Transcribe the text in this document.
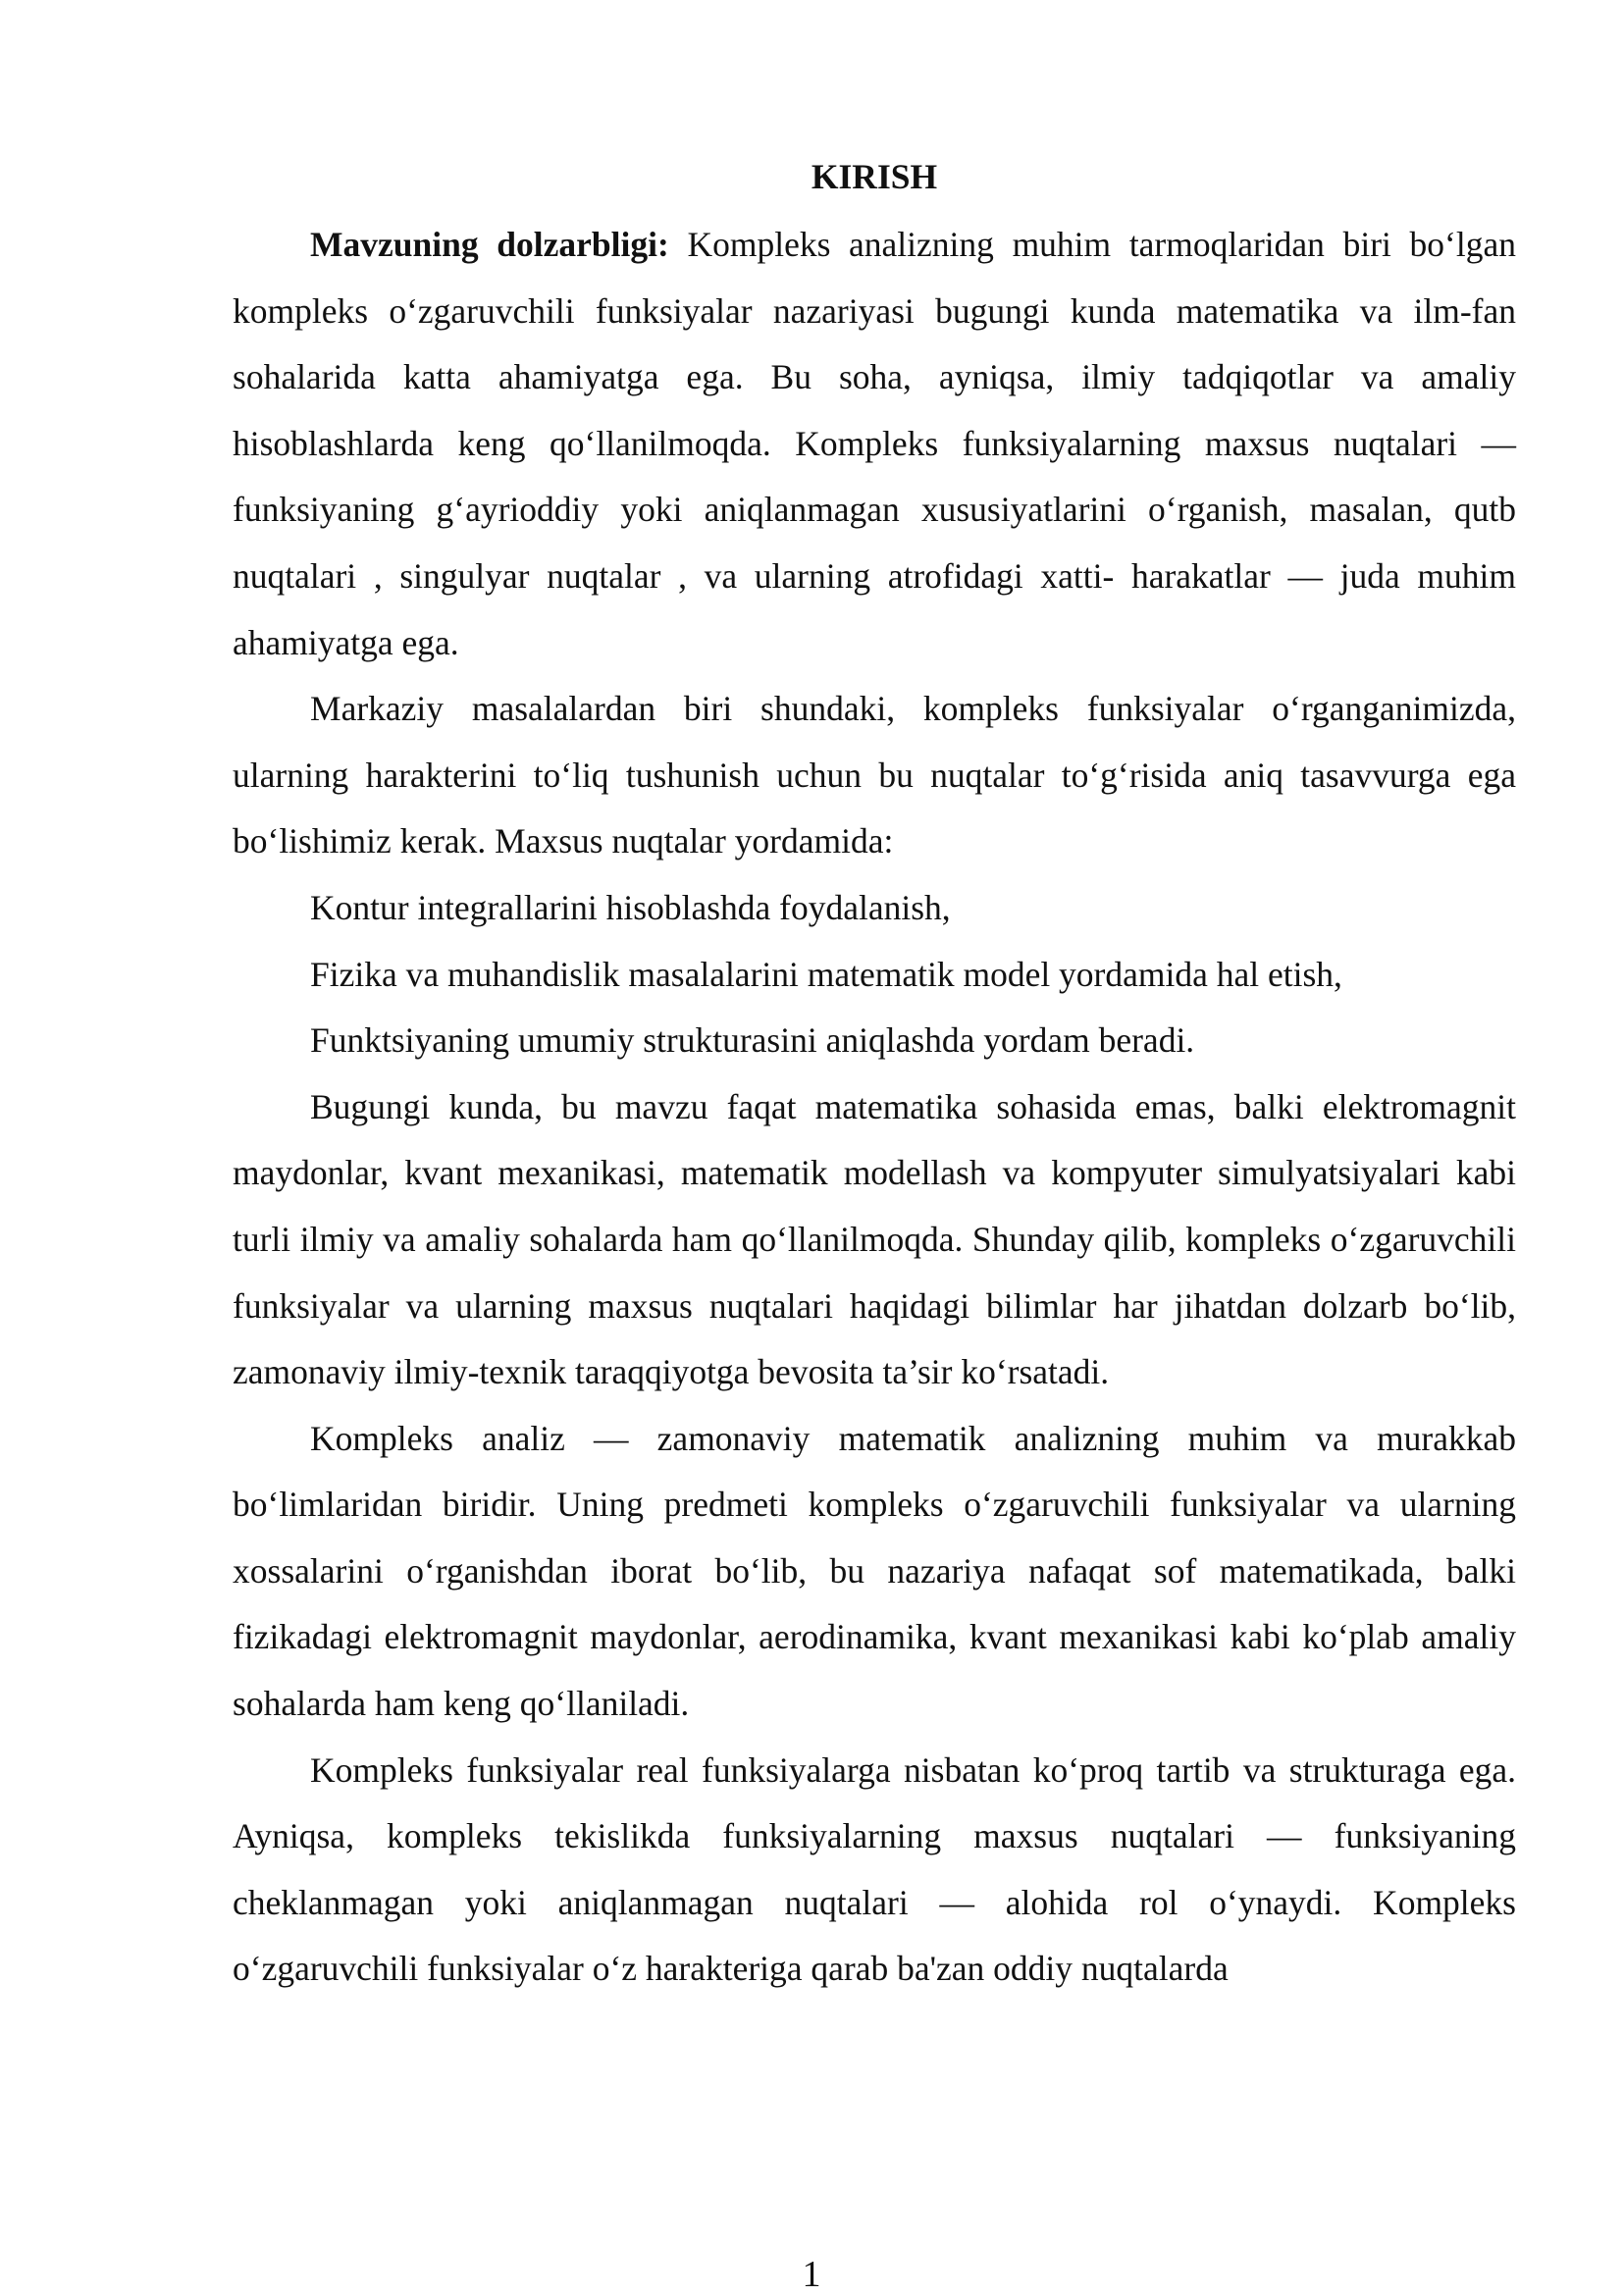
KIRISH

Mavzuning dolzarbligi: Kompleks analizning muhim tarmoqlaridan biri bo‘lgan kompleks o‘zgaruvchili funksiyalar nazariyasi bugungi kunda matematika va ilm-fan sohalarida katta ahamiyatga ega. Bu soha, ayniqsa, ilmiy tadqiqotlar va amaliy hisoblashlarda keng qo‘llanilmoqda. Kompleks funksiyalarning maxsus nuqtalari — funksiyaning g‘ayrioddiy yoki aniqlanmagan xususiyatlarini o‘rganish, masalan, qutb nuqtalari , singulyar nuqtalar , va ularning atrofidagi xatti- harakatlar — juda muhim ahamiyatga ega.

Markaziy masalalardan biri shundaki, kompleks funksiyalar o‘rganganimizda, ularning harakterini to‘liq tushunish uchun bu nuqtalar to‘g‘risida aniq tasavvurga ega bo‘lishimiz kerak. Maxsus nuqtalar yordamida:

Kontur integrallarini hisoblashda foydalanish,

Fizika va muhandislik masalalarini matematik model yordamida hal etish,

Funktsiyaning umumiy strukturasini aniqlashda yordam beradi.

Bugungi kunda, bu mavzu faqat matematika sohasida emas, balki elektromagnit maydonlar, kvant mexanikasi, matematik modellash va kompyuter simulyatsiyalari kabi turli ilmiy va amaliy sohalarda ham qo‘llanilmoqda. Shunday qilib, kompleks o‘zgaruvchili funksiyalar va ularning maxsus nuqtalari haqidagi bilimlar har jihatdan dolzarb bo‘lib, zamonaviy ilmiy-texnik taraqqiyotga bevosita ta’sir ko‘rsatadi.

Kompleks analiz — zamonaviy matematik analizning muhim va murakkab bo‘limlaridan biridir. Uning predmeti kompleks o‘zgaruvchili funksiyalar va ularning xossalarini o‘rganishdan iborat bo‘lib, bu nazariya nafaqat sof matematikada, balki fizikadagi elektromagnit maydonlar, aerodinamika, kvant mexanikasi kabi ko‘plab amaliy sohalarda ham keng qo‘llaniladi.

Kompleks funksiyalar real funksiyalarga nisbatan ko‘proq tartib va strukturaga ega. Ayniqsa, kompleks tekislikda funksiyalarning maxsus nuqtalari — funksiyaning cheklanmagan yoki aniqlanmagan nuqtalari — alohida rol o‘ynaydi. Kompleks o‘zgaruvchili funksiyalar o‘z harakteriga qarab ba'zan oddiy nuqtalarda

1
